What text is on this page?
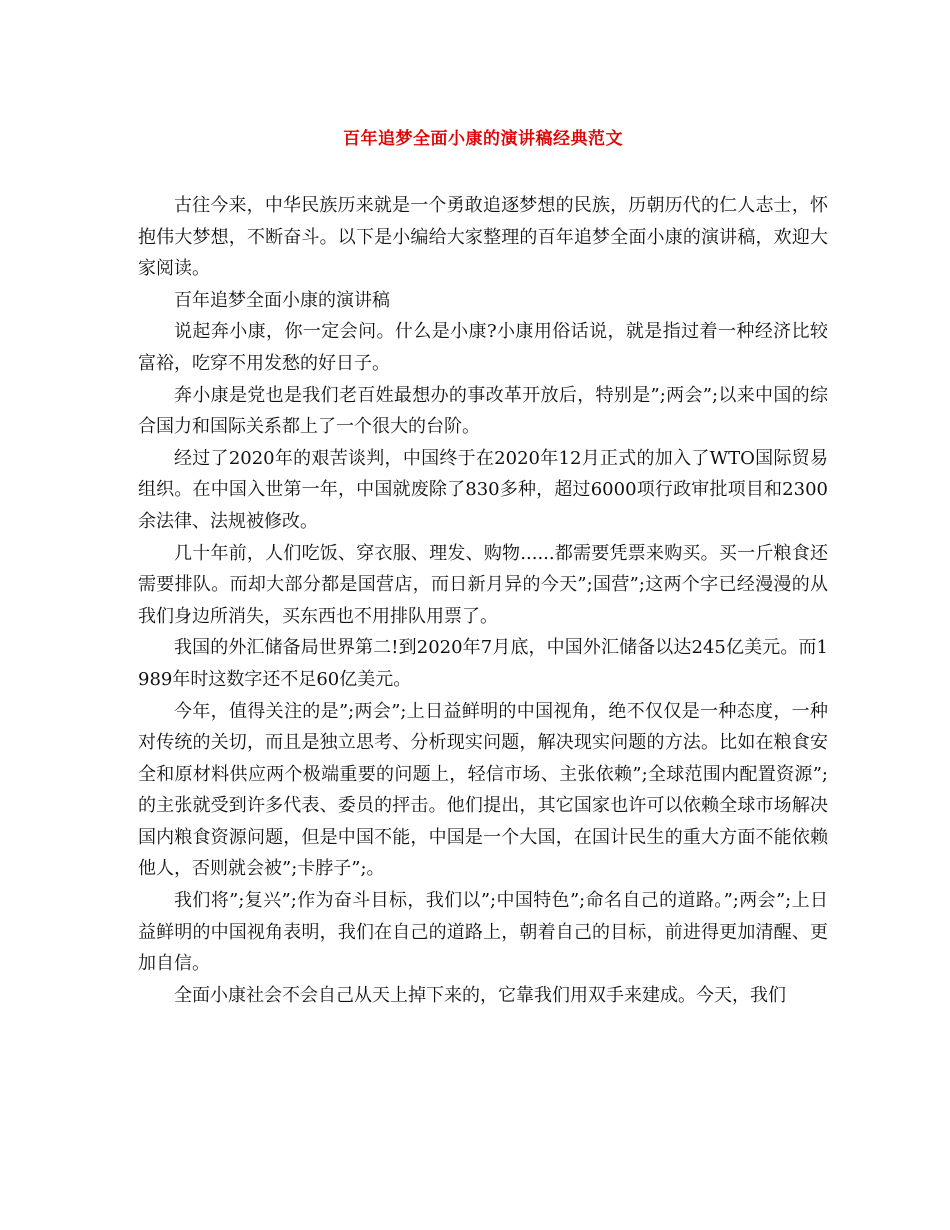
百年追梦全面小康的演讲稿经典范文

古往今来，中华民族历来就是一个勇敢追逐梦想的民族，历朝历代的仁人志士，怀抱伟大梦想，不断奋斗。以下是小编给大家整理的百年追梦全面小康的演讲稿，欢迎大家阅读。

百年追梦全面小康的演讲稿

说起奔小康，你一定会问。什么是小康?小康用俗话说，就是指过着一种经济比较富裕，吃穿不用发愁的好日子。

奔小康是党也是我们老百姓最想办的事改革开放后，特别是”;两会”;以来中国的综合国力和国际关系都上了一个很大的台阶。

经过了2020年的艰苦谈判，中国终于在2020年12月正式的加入了WTO国际贸易组织。在中国入世第一年，中国就废除了830多种，超过6000项行政审批项目和2300余法律、法规被修改。

几十年前，人们吃饭、穿衣服、理发、购物......都需要凭票来购买。买一斤粮食还需要排队。而却大部分都是国营店，而日新月异的今天”;国营”;这两个字已经漫漫的从我们身边所消失，买东西也不用排队用票了。

我国的外汇储备局世界第二!到2020年7月底，中国外汇储备以达245亿美元。而1989年时这数字还不足60亿美元。

今年，值得关注的是”;两会”;上日益鲜明的中国视角，绝不仅仅是一种态度，一种对传统的关切，而且是独立思考、分析现实问题，解决现实问题的方法。比如在粮食安全和原材料供应两个极端重要的问题上，轻信市场、主张依赖”;全球范围内配置资源”;的主张就受到许多代表、委员的抨击。他们提出，其它国家也许可以依赖全球市场解决国内粮食资源问题，但是中国不能，中国是一个大国，在国计民生的重大方面不能依赖他人，否则就会被”;卡脖子”;。

我们将”;复兴”;作为奋斗目标，我们以”;中国特色”;命名自己的道路。”;两会”;上日益鲜明的中国视角表明，我们在自己的道路上，朝着自己的目标，前进得更加清醒、更加自信。

全面小康社会不会自己从天上掉下来的，它靠我们用双手来建成。今天，我们
